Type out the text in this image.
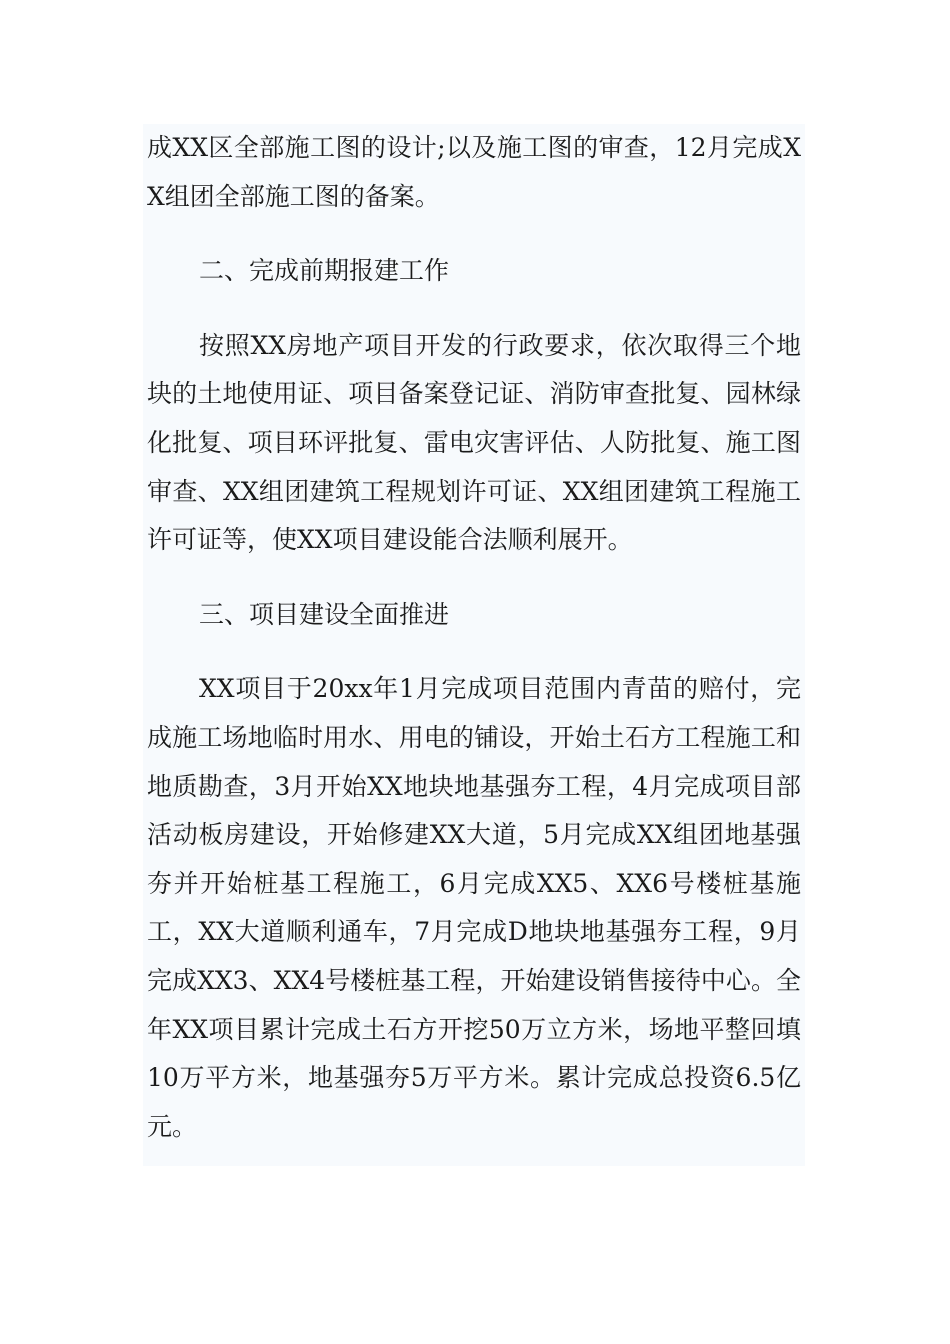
成XX区全部施工图的设计;以及施工图的审查，12月完成XX组团全部施工图的备案。

二、完成前期报建工作

按照XX房地产项目开发的行政要求，依次取得三个地块的土地使用证、项目备案登记证、消防审查批复、园林绿化批复、项目环评批复、雷电灾害评估、人防批复、施工图审查、XX组团建筑工程规划许可证、XX组团建筑工程施工许可证等，使XX项目建设能合法顺利展开。

三、项目建设全面推进

XX项目于20xx年1月完成项目范围内青苗的赔付，完成施工场地临时用水、用电的铺设，开始土石方工程施工和地质勘查，3月开始XX地块地基强夯工程，4月完成项目部活动板房建设，开始修建XX大道，5月完成XX组团地基强夯并开始桩基工程施工，6月完成XX5、XX6号楼桩基施工，XX大道顺利通车，7月完成D地块地基强夯工程，9月完成XX3、XX4号楼桩基工程，开始建设销售接待中心。全年XX项目累计完成土石方开挖50万立方米，场地平整回填10万平方米，地基强夯5万平方米。累计完成总投资6.5亿元。
